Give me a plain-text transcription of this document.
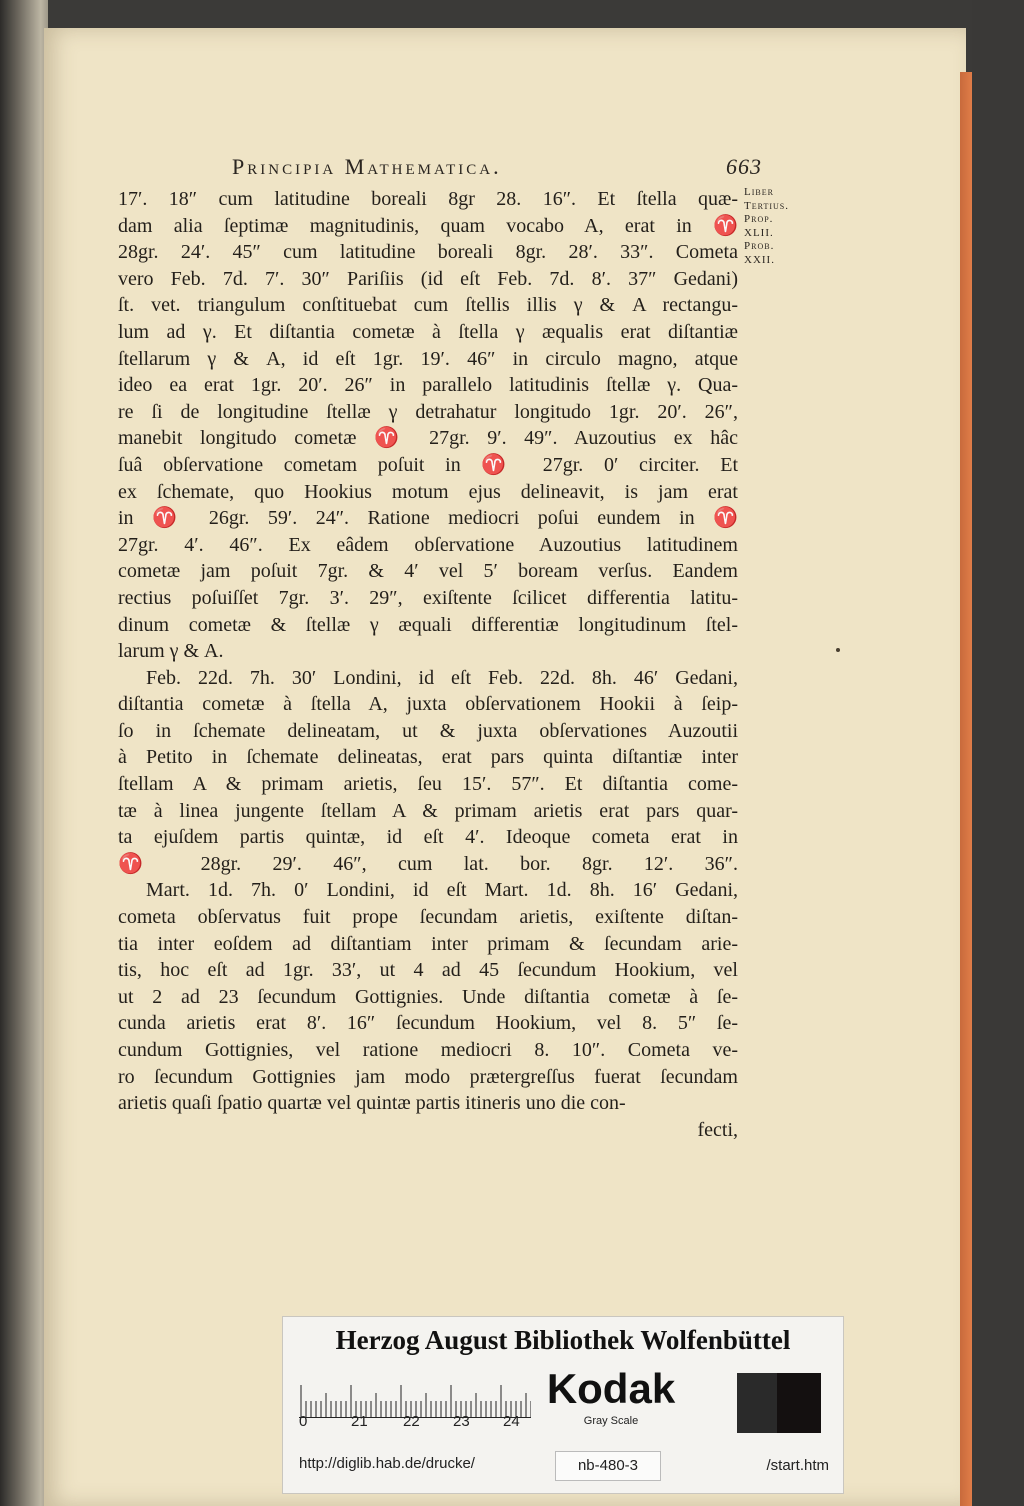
Principia Mathematica.	663
Liber
Tertius.
Prop.
XLII.
Prob.
XXII.
17′. 18″ cum latitudine boreali 8gr 28. 16″. Et ſtella quæ-
dam alia ſeptimæ magnitudinis, quam vocabo A, erat in ♈
28gr. 24′. 45″ cum latitudine boreali 8gr. 28′. 33″. Cometa
vero Feb. 7d. 7′. 30″ Pariſiis (id eſt Feb. 7d. 8′. 37″ Gedani)
ſt. vet. triangulum conſtituebat cum ſtellis illis γ & A rectangu-
lum ad γ. Et diſtantia cometæ à ſtella γ æqualis erat diſtantiæ
ſtellarum γ & A, id eſt 1gr. 19′. 46″ in circulo magno, atque
ideo ea erat 1gr. 20′. 26″ in parallelo latitudinis ſtellæ γ. Qua-
re ſi de longitudine ſtellæ γ detrahatur longitudo 1gr. 20′. 26″,
manebit longitudo cometæ ♈ 27gr. 9′. 49″. Auzoutius ex hâc
ſuâ obſervatione cometam poſuit in ♈ 27gr. 0′ circiter. Et
ex ſchemate, quo Hookius motum ejus delineavit, is jam erat
in ♈ 26gr. 59′. 24″. Ratione mediocri poſui eundem in ♈
27gr. 4′. 46″. Ex eâdem obſervatione Auzoutius latitudinem
cometæ jam poſuit 7gr. & 4′ vel 5′ boream verſus. Eandem
rectius poſuiſſet 7gr. 3′. 29″, exiſtente ſcilicet differentia latitu-
dinum cometæ & ſtellæ γ æquali differentiæ longitudinum ſtel-
larum γ & A.
Feb. 22d. 7h. 30′ Londini, id eſt Feb. 22d. 8h. 46′ Gedani,
diſtantia cometæ à ſtella A, juxta obſervationem Hookii à ſeip-
ſo in ſchemate delineatam, ut & juxta obſervationes Auzoutii
à Petito in ſchemate delineatas, erat pars quinta diſtantiæ inter
ſtellam A & primam arietis, ſeu 15′. 57″. Et diſtantia come-
tæ à linea jungente ſtellam A & primam arietis erat pars quar-
ta ejuſdem partis quintæ, id eſt 4′. Ideoque cometa erat in
♈ 28gr. 29′. 46″, cum lat. bor. 8gr. 12′. 36″.
Mart. 1d. 7h. 0′ Londini, id eſt Mart. 1d. 8h. 16′ Gedani,
cometa obſervatus fuit prope ſecundam arietis, exiſtente diſtan-
tia inter eoſdem ad diſtantiam inter primam & ſecundam arie-
tis, hoc eſt ad 1gr. 33′, ut 4 ad 45 ſecundum Hookium, vel
ut 2 ad 23 ſecundum Gottignies. Unde diſtantia cometæ à ſe-
cunda arietis erat 8′. 16″ ſecundum Hookium, vel 8. 5″ ſe-
cundum Gottignies, vel ratione mediocri 8. 10″. Cometa ve-
ro ſecundum Gottignies jam modo prætergreſſus fuerat ſecundam
arietis quaſi ſpatio quartæ vel quintæ partis itineris uno die con-
fecti,
Herzog August Bibliothek Wolfenbüttel
0	21 22 23 24
Kodak
Gray Scale
http://diglib.hab.de/drucke/	nb-480-3	/start.htm
